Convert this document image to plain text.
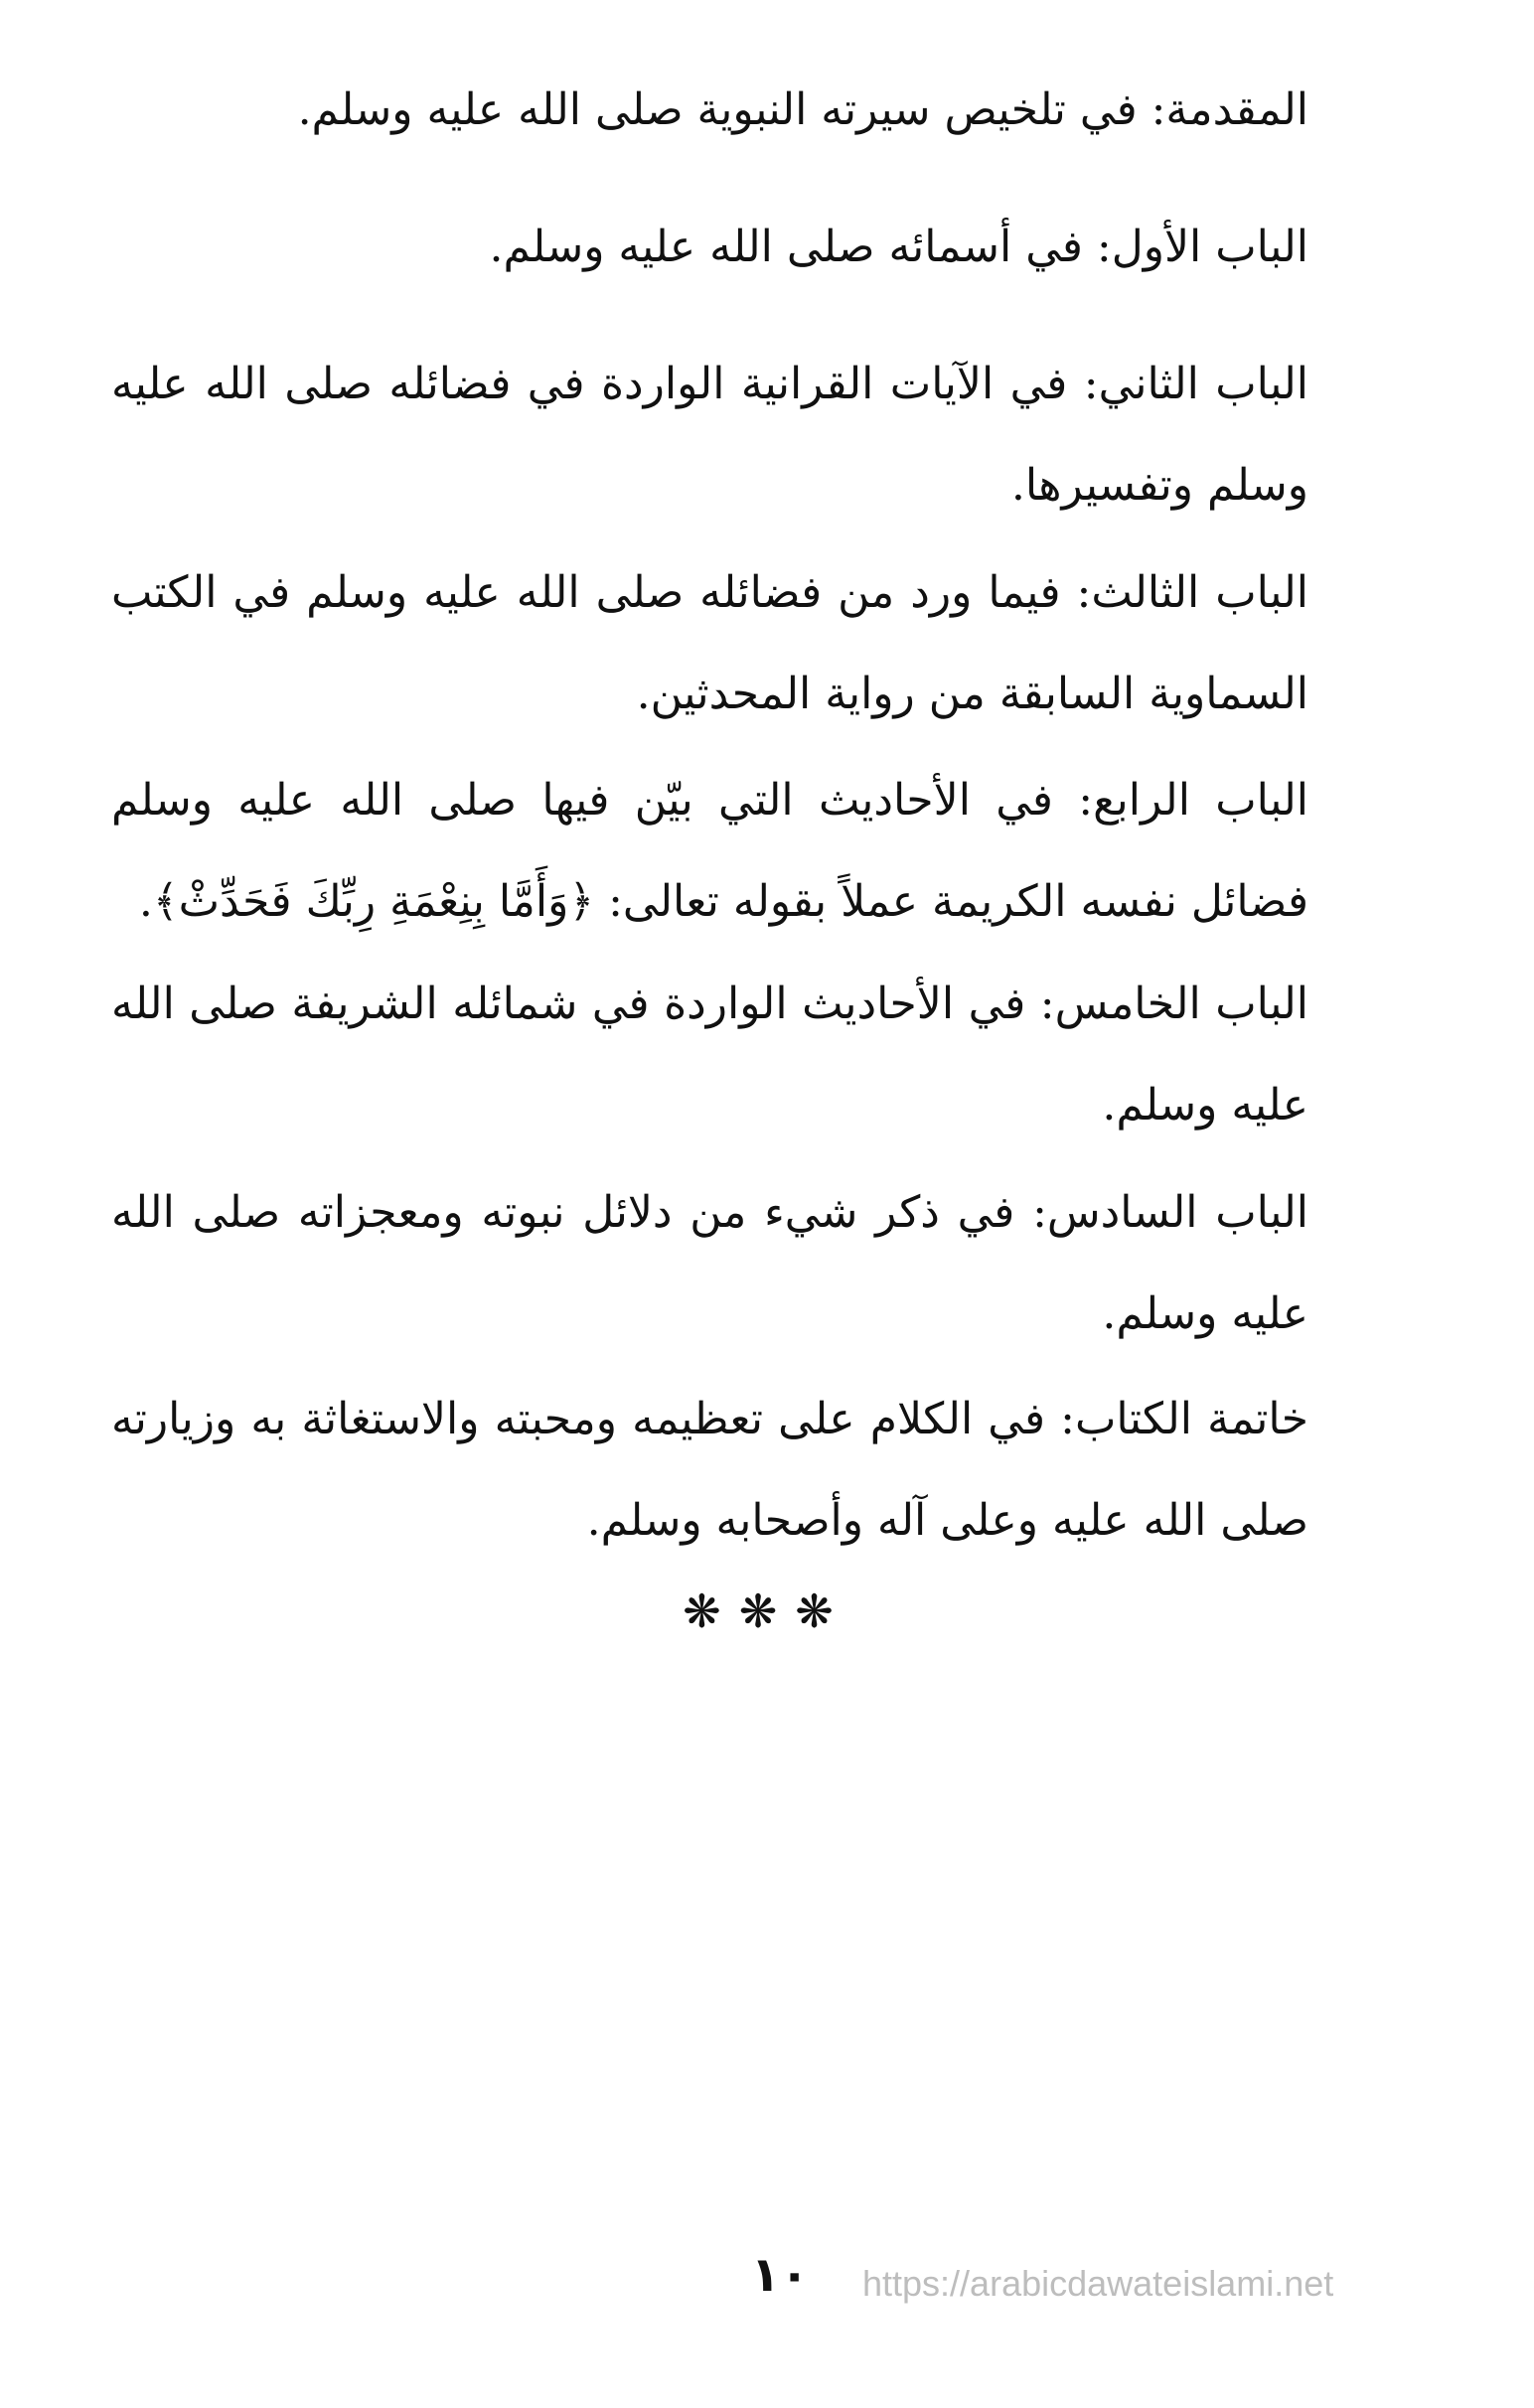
المقدمة: في تلخيص سيرته النبوية صلى الله عليه وسلم.

الباب الأول: في أسمائه صلى الله عليه وسلم.

الباب الثاني: في الآيات القرانية الواردة في فضائله صلى الله عليه وسلم وتفسيرها.

الباب الثالث: فيما ورد من فضائله صلى الله عليه وسلم في الكتب السماوية السابقة من رواية المحدثين.

الباب الرابع: في الأحاديث التي بيّن فيها صلى الله عليه وسلم فضائل نفسه الكريمة عملاً بقوله تعالى: ﴿وَأَمَّا بِنِعْمَةِ رِبِّكَ فَحَدِّثْ﴾.

الباب الخامس: في الأحاديث الواردة في شمائله الشريفة صلى الله عليه وسلم.

الباب السادس: في ذكر شيء من دلائل نبوته ومعجزاته صلى الله عليه وسلم.

خاتمة الكتاب: في الكلام على تعظيمه ومحبته والاستغاثة به وزيارته صلى الله عليه وعلى آله وأصحابه وسلم.

❋❋❋
١٠	https://arabicdawateislami.net
